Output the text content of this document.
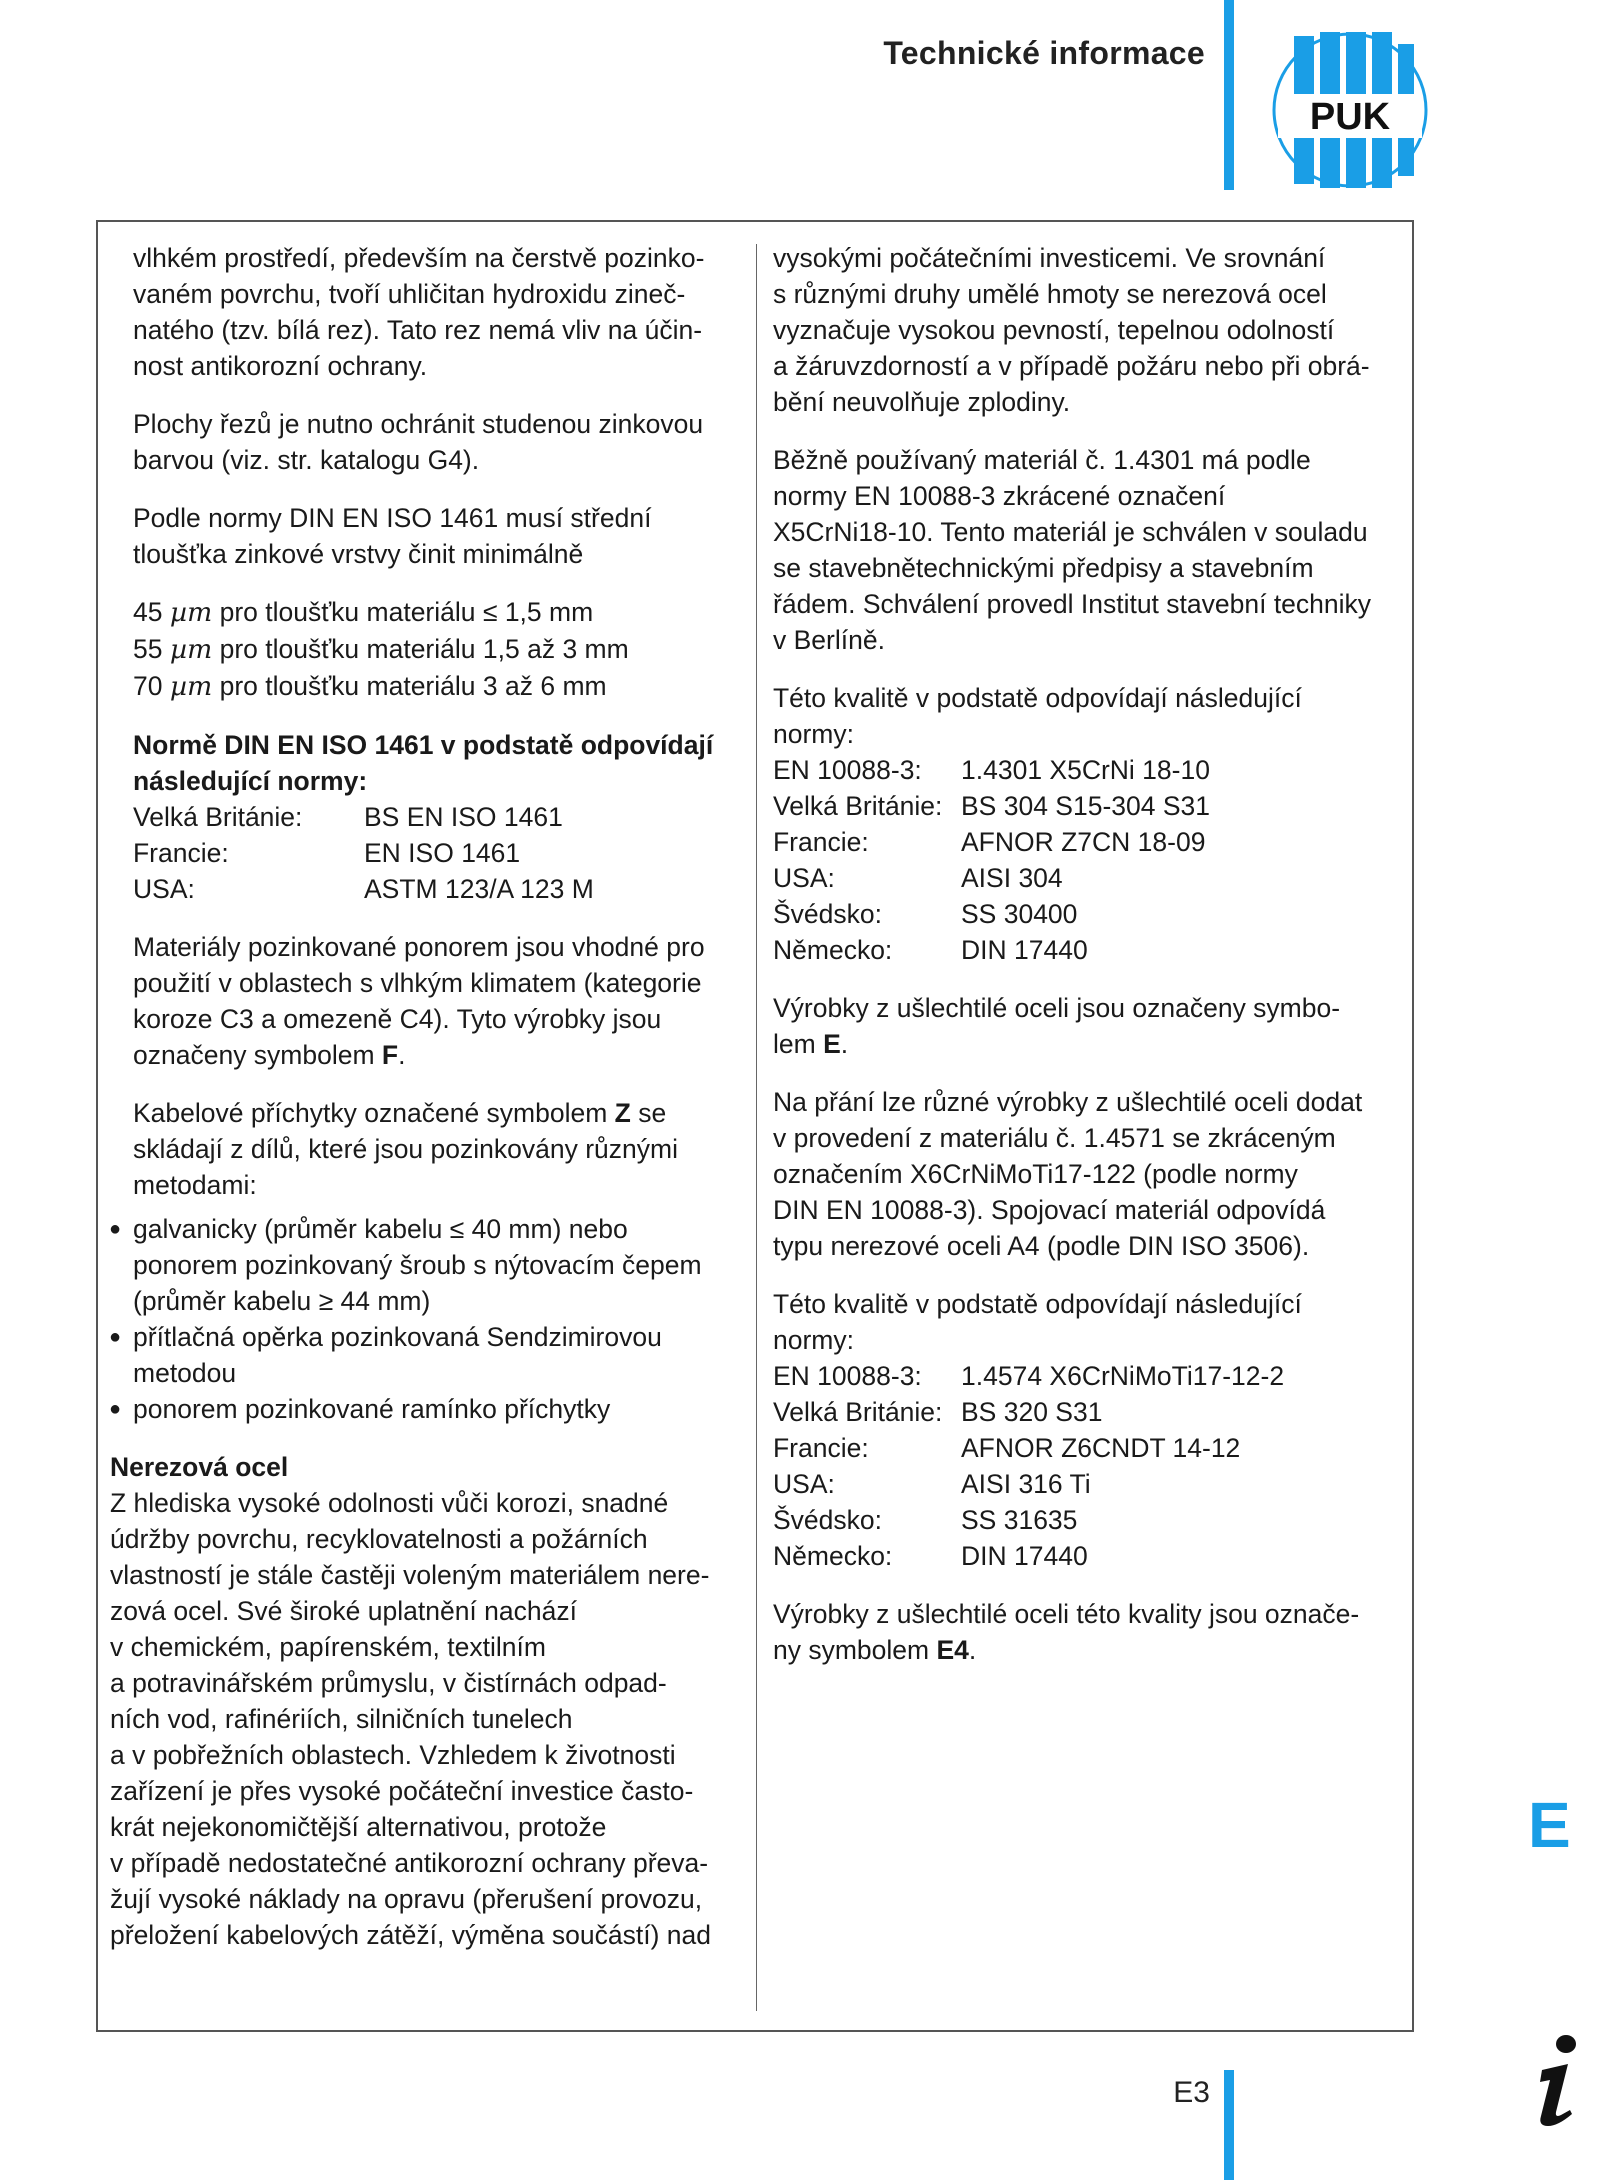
Technické informace
PUK
vlhkém prostředí, především na čerstvě pozinko-
vaném povrchu, tvoří uhličitan hydroxidu zineč-
natého (tzv. bílá rez). Tato rez nemá vliv na účin-
nost antikorozní ochrany.
Plochy řezů je nutno ochránit studenou zinkovou
barvou (viz. str. katalogu G4).
Podle normy DIN EN ISO 1461 musí střední
tloušťka zinkové vrstvy činit minimálně
45 µm pro tloušťku materiálu ≤ 1,5 mm
55 µm pro tloušťku materiálu 1,5 až 3 mm
70 µm pro tloušťku materiálu 3 až 6 mm
Normě DIN EN ISO 1461 v podstatě odpovídají
následující normy:
Velká Británie:	BS EN ISO 1461
Francie:	EN ISO 1461
USA:	ASTM 123/A 123 M
Materiály pozinkované ponorem jsou vhodné pro
použití v oblastech s vlhkým klimatem (kategorie
koroze C3 a omezeně C4). Tyto výrobky jsou
označeny symbolem F.
Kabelové příchytky označené symbolem Z se
skládají z dílů, které jsou pozinkovány různými
metodami:
● galvanicky (průměr kabelu ≤ 40 mm) nebo
ponorem pozinkovaný šroub s nýtovacím čepem
(průměr kabelu ≥ 44 mm)
● přítlačná opěrka pozinkovaná Sendzimirovou
metodou
● ponorem pozinkované ramínko příchytky
Nerezová ocel
Z hlediska vysoké odolnosti vůči korozi, snadné
údržby povrchu, recyklovatelnosti a požárních
vlastností je stále častěji voleným materiálem nere-
zová ocel. Své široké uplatnění nachází
v chemickém, papírenském, textilním
a potravinářském průmyslu, v čistírnách odpad-
ních vod, rafinériích, silničních tunelech
a v pobřežních oblastech. Vzhledem k životnosti
zařízení je přes vysoké počáteční investice často-
krát nejekonomičtější alternativou, protože
v případě nedostatečné antikorozní ochrany převa-
žují vysoké náklady na opravu (přerušení provozu,
přeložení kabelových zátěží, výměna součástí) nad
vysokými počátečními investicemi. Ve srovnání
s různými druhy umělé hmoty se nerezová ocel
vyznačuje vysokou pevností, tepelnou odolností
a žáruvzdorností a v případě požáru nebo při obrá-
bění neuvolňuje zplodiny.
Běžně používaný materiál č. 1.4301 má podle
normy EN 10088-3 zkrácené označení
X5CrNi18-10. Tento materiál je schválen v souladu
se stavebnětechnickými předpisy a stavebním
řádem. Schválení provedl Institut stavební techniky
v Berlíně.
Této kvalitě v podstatě odpovídají následující
normy:
EN 10088-3:	1.4301 X5CrNi 18-10
Velká Británie: BS 304 S15-304 S31
Francie:	AFNOR Z7CN 18-09
USA:	AISI 304
Švédsko:	SS 30400
Německo:	DIN 17440
Výrobky z ušlechtilé oceli jsou označeny symbo-
lem E.
Na přání lze různé výrobky z ušlechtilé oceli dodat
v provedení z materiálu č. 1.4571 se zkráceným
označením X6CrNiMoTi17-122 (podle normy
DIN EN 10088-3). Spojovací materiál odpovídá
typu nerezové oceli A4 (podle DIN ISO 3506).
Této kvalitě v podstatě odpovídají následující
normy:
EN 10088-3:	1.4574 X6CrNiMoTi17-12-2
Velká Británie: BS 320 S31
Francie:	AFNOR Z6CNDT 14-12
USA:	AISI 316 Ti
Švédsko:	SS 31635
Německo:	DIN 17440
Výrobky z ušlechtilé oceli této kvality jsou označe-
ny symbolem E4.
E
E3
